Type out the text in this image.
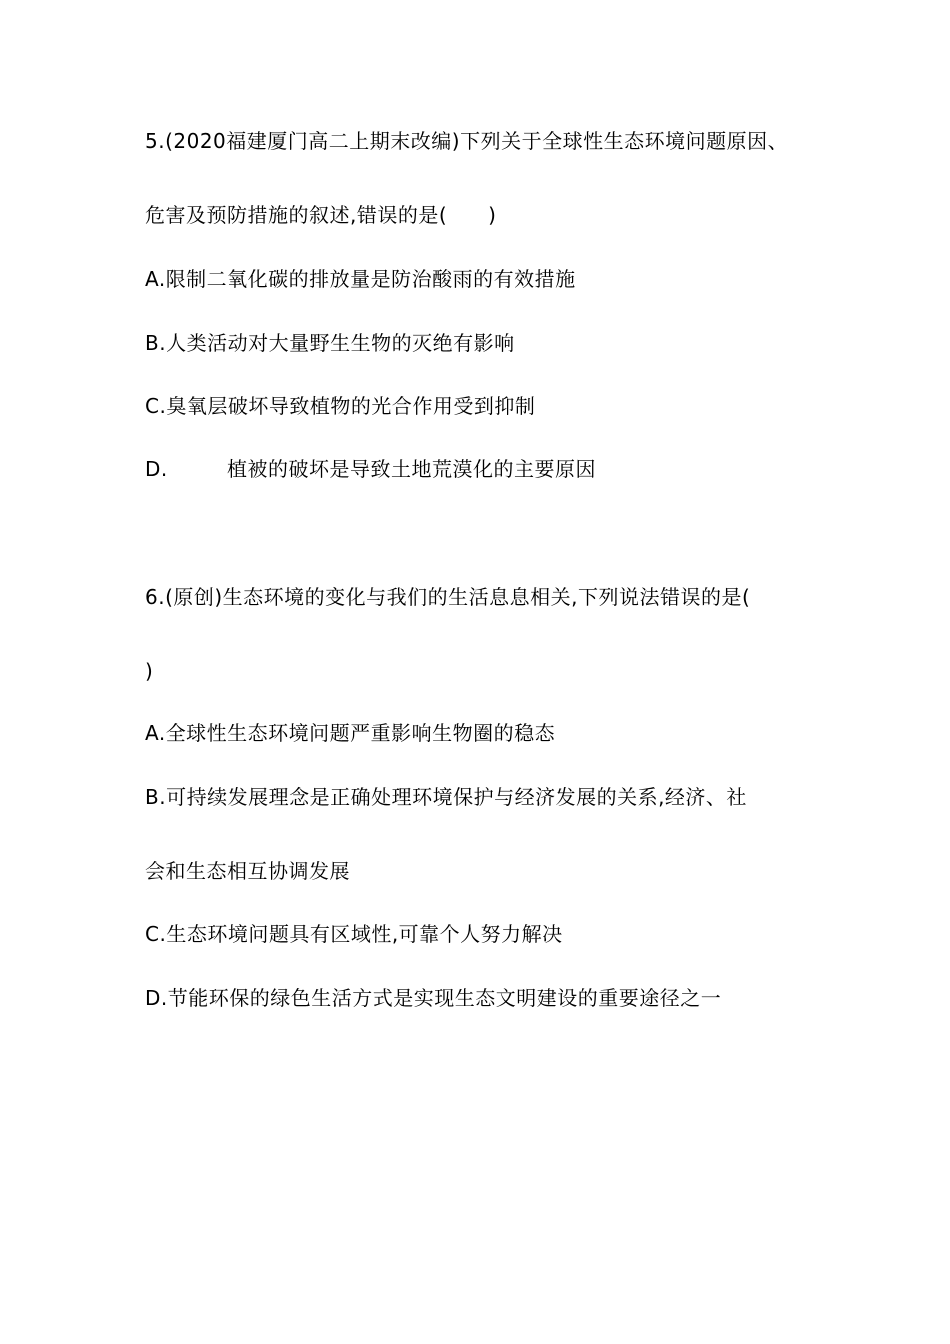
5.(2020福建厦门高二上期末改编)下列关于全球性生态环境问题原因、
危害及预防措施的叙述,错误的是(　　)
A.限制二氧化碳的排放量是防治酸雨的有效措施
B.人类活动对大量野生生物的灭绝有影响
C.臭氧层破坏导致植物的光合作用受到抑制
D.	植被的破坏是导致土地荒漠化的主要原因
6.(原创)生态环境的变化与我们的生活息息相关,下列说法错误的是(
)
A.全球性生态环境问题严重影响生物圈的稳态
B.可持续发展理念是正确处理环境保护与经济发展的关系,经济、社
会和生态相互协调发展
C.生态环境问题具有区域性,可靠个人努力解决
D.节能环保的绿色生活方式是实现生态文明建设的重要途径之一
